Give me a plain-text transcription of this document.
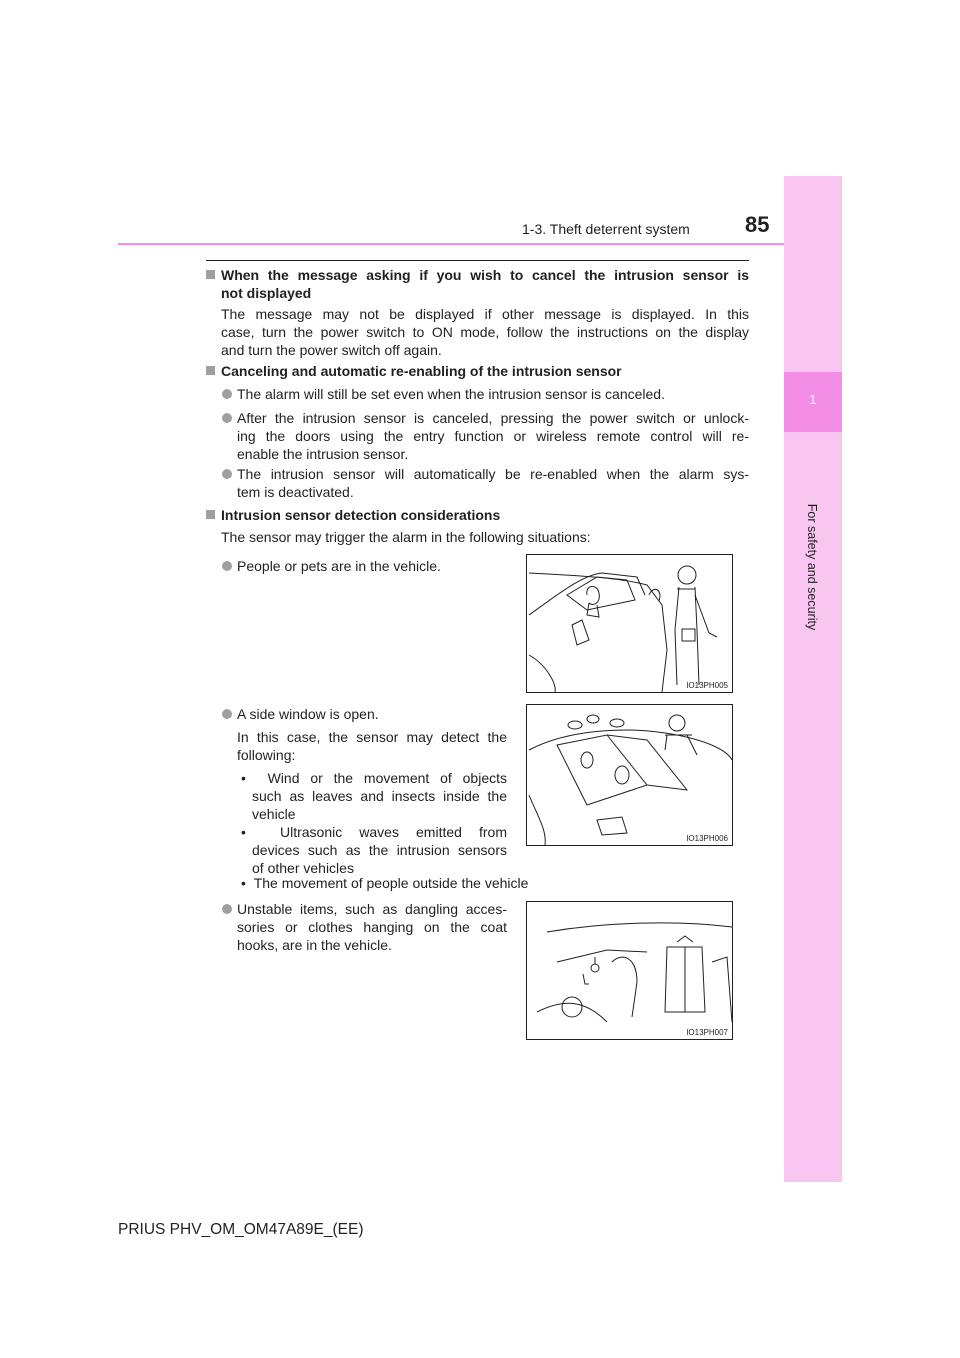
1
For safety and security
1-3. Theft deterrent system	85
When the message asking if you wish to cancel the intrusion sensor is
not displayed
The message may not be displayed if other message is displayed. In this
case, turn the power switch to ON mode, follow the instructions on the display
and turn the power switch off again.
Canceling and automatic re-enabling of the intrusion sensor
The alarm will still be set even when the intrusion sensor is canceled.
After the intrusion sensor is canceled, pressing the power switch or unlock-
ing the doors using the entry function or wireless remote control will re-
enable the intrusion sensor.
The intrusion sensor will automatically be re-enabled when the alarm sys-
tem is deactivated.
Intrusion sensor detection considerations
The sensor may trigger the alarm in the following situations:
People or pets are in the vehicle.
IO13PH005
A side window is open.
In this case, the sensor may detect the
following:
•  Wind or the movement of objects
such as leaves and insects inside the
vehicle
•  Ultrasonic waves emitted from
devices such as the intrusion sensors
of other vehicles
•  The movement of people outside the vehicle
IO13PH006
Unstable items, such as dangling acces-
sories or clothes hanging on the coat
hooks, are in the vehicle.
IO13PH007
PRIUS PHV_OM_OM47A89E_(EE)
